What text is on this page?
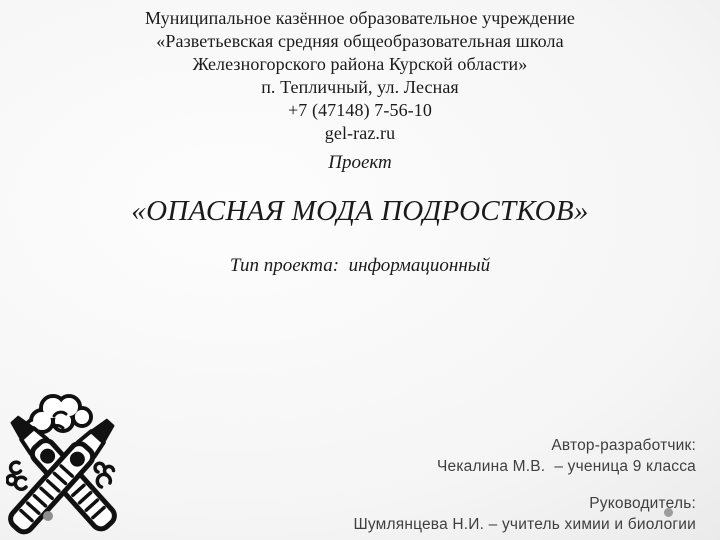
Муниципальное казённое образовательное учреждение
«Разветьевская средняя общеобразовательная школа
Железногорского района Курской области»
п. Тепличный, ул. Лесная
+7 (47148) 7-56-10
gel-raz.ru
Проект
«ОПАСНАЯ МОДА ПОДРОСТКОВ»
Тип проекта:  информационный

Автор-разработчик:
Чекалина М.В.  – ученица 9 класса

Руководитель:
Шумлянцева Н.И. – учитель химии и биологии
